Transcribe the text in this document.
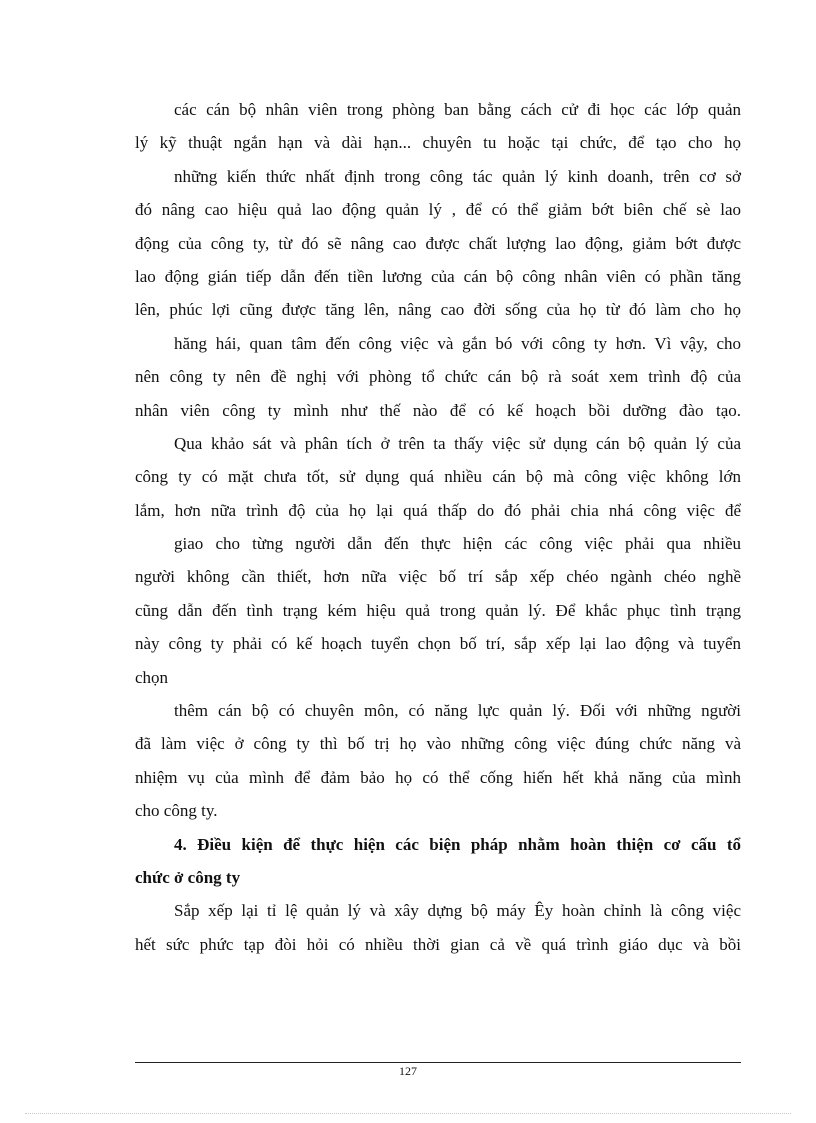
các cán bộ nhân viên trong phòng ban bằng cách cử đi học các lớp quản
lý kỹ thuật ngắn hạn và dài hạn... chuyên tu hoặc tại chức, để tạo cho họ
những kiến thức nhất định trong công tác quản lý kinh doanh, trên cơ sở
đó nâng cao hiệu quả lao động quản lý , để có thể giảm bớt biên chế sè lao
động của công ty, từ đó sẽ nâng cao được chất lượng lao động, giảm bớt được
lao động gián tiếp dẫn đến tiền lương của cán bộ công nhân viên có phần tăng
lên, phúc lợi cũng được tăng lên, nâng cao đời sống của họ từ đó làm cho họ
hăng hái, quan tâm đến công việc và gắn bó với công ty hơn. Vì vậy, cho
nên công ty nên đề nghị với phòng tổ chức cán bộ rà soát xem trình độ của
nhân viên công ty mình như thế nào để có kế hoạch bồi dưỡng đào tạo.
Qua khảo sát và phân tích ở trên ta thấy việc sử dụng cán bộ quản lý của
công ty có mặt chưa tốt, sử dụng quá nhiều cán bộ mà công việc không lớn
lắm, hơn nữa trình độ của họ lại quá thấp do đó phải chia nhá công việc để
giao cho từng người dẫn đến thực hiện các công việc phải qua nhiều
người không cần thiết, hơn nữa việc bố trí sắp xếp chéo ngành chéo nghề
cũng dẫn đến tình trạng kém hiệu quả trong quản lý. Để khắc phục tình trạng
này công ty phải có kế hoạch tuyển chọn bố trí, sắp xếp lại lao động và tuyển
chọn
thêm cán bộ có chuyên môn, có năng lực quản lý. Đối với những người
đã làm việc ở công ty thì bố trị họ vào những công việc đúng chức năng và
nhiệm vụ của mình để đảm bảo họ có thể cống hiến hết khả năng của mình
cho công ty.
4. Điều kiện để thực hiện các biện pháp nhằm hoàn thiện cơ cấu tổ
chức ở công ty
Sắp xếp lại tỉ lệ quản lý và xây dựng bộ máy Êy hoàn chỉnh là công việc
hết sức phức tạp đòi hỏi có nhiều thời gian cả về quá trình giáo dục và bồi
127
